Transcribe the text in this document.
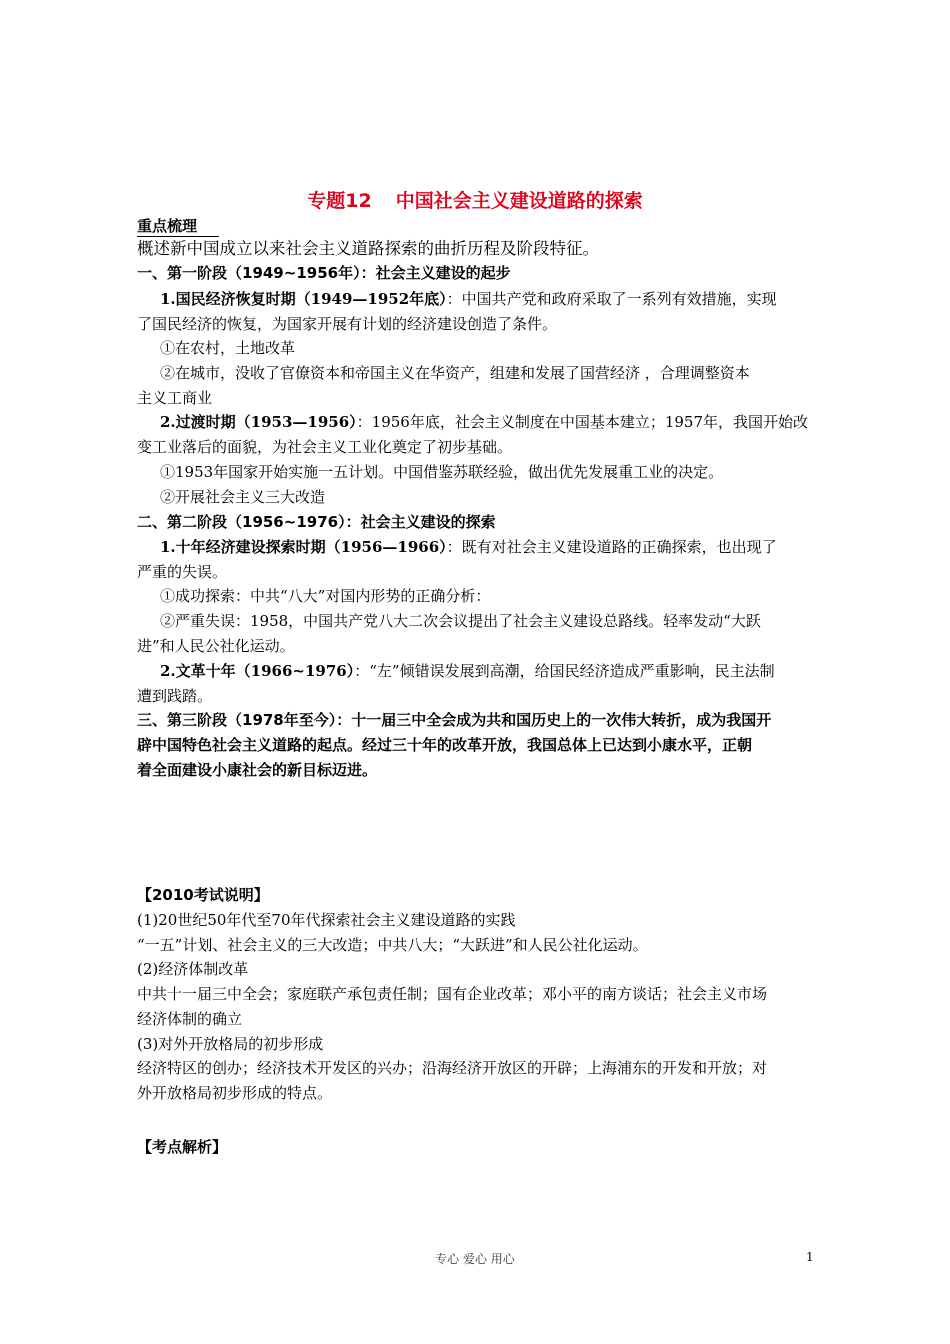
专题12 中国社会主义建设道路的探索
重点梳理
概述新中国成立以来社会主义道路探索的曲折历程及阶段特征。
一、第一阶段（1949~1956年）：社会主义建设的起步
1.国民经济恢复时期（1949—1952年底）：中国共产党和政府采取了一系列有效措施，实现
了国民经济的恢复，为国家开展有计划的经济建设创造了条件。
①在农村，土地改革
②在城市，没收了官僚资本和帝国主义在华资产，组建和发展了国营经济 ，合理调整资本
主义工商业
2.过渡时期（1953—1956）：1956年底，社会主义制度在中国基本建立；1957年，我国开始改
变工业落后的面貌，为社会主义工业化奠定了初步基础。
①1953年国家开始实施一五计划。中国借鉴苏联经验，做出优先发展重工业的决定。
②开展社会主义三大改造
二、第二阶段（1956~1976）：社会主义建设的探索
1.十年经济建设探索时期（1956—1966）：既有对社会主义建设道路的正确探索，也出现了
严重的失误。
①成功探索：中共“八大”对国内形势的正确分析：
②严重失误：1958，中国共产党八大二次会议提出了社会主义建设总路线。轻率发动“大跃
进”和人民公社化运动。
2.文革十年（1966~1976）：“左”倾错误发展到高潮，给国民经济造成严重影响，民主法制
遭到践踏。
三、第三阶段（1978年至今）：十一届三中全会成为共和国历史上的一次伟大转折，成为我国开
辟中国特色社会主义道路的起点。经过三十年的改革开放，我国总体上已达到小康水平，正朝
着全面建设小康社会的新目标迈进。
【2010考试说明】
(1)20世纪50年代至70年代探索社会主义建设道路的实践
“一五”计划、社会主义的三大改造；中共八大；“大跃进”和人民公社化运动。
(2)经济体制改革
中共十一届三中全会；家庭联产承包责任制；国有企业改革；邓小平的南方谈话；社会主义市场
经济体制的确立
(3)对外开放格局的初步形成
经济特区的创办；经济技术开发区的兴办；沿海经济开放区的开辟；上海浦东的开发和开放；对
外开放格局初步形成的特点。
【考点解析】
专心 爱心 用心	1
